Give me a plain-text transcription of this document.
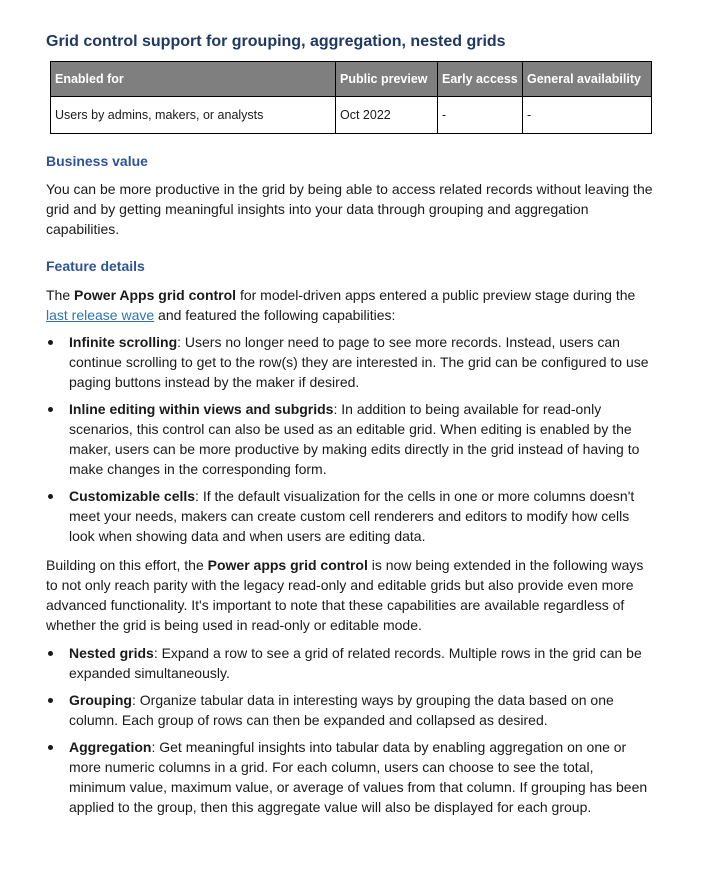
Grid control support for grouping, aggregation, nested grids
Enabled for	Public preview	Early access	General availability
Users by admins, makers, or analysts	Oct 2022	-	-
Business value

You can be more productive in the grid by being able to access related records without leaving the grid and by getting meaningful insights into your data through grouping and aggregation capabilities.

Feature details

The Power Apps grid control for model-driven apps entered a public preview stage during the last release wave and featured the following capabilities:

Infinite scrolling: Users no longer need to page to see more records. Instead, users can continue scrolling to get to the row(s) they are interested in. The grid can be configured to use paging buttons instead by the maker if desired.
Inline editing within views and subgrids: In addition to being available for read-only scenarios, this control can also be used as an editable grid. When editing is enabled by the maker, users can be more productive by making edits directly in the grid instead of having to make changes in the corresponding form.
Customizable cells: If the default visualization for the cells in one or more columns doesn't meet your needs, makers can create custom cell renderers and editors to modify how cells look when showing data and when users are editing data.

Building on this effort, the Power apps grid control is now being extended in the following ways to not only reach parity with the legacy read-only and editable grids but also provide even more advanced functionality. It's important to note that these capabilities are available regardless of whether the grid is being used in read-only or editable mode.

Nested grids: Expand a row to see a grid of related records. Multiple rows in the grid can be expanded simultaneously.
Grouping: Organize tabular data in interesting ways by grouping the data based on one column. Each group of rows can then be expanded and collapsed as desired.
Aggregation: Get meaningful insights into tabular data by enabling aggregation on one or more numeric columns in a grid. For each column, users can choose to see the total, minimum value, maximum value, or average of values from that column. If grouping has been applied to the group, then this aggregate value will also be displayed for each group.
